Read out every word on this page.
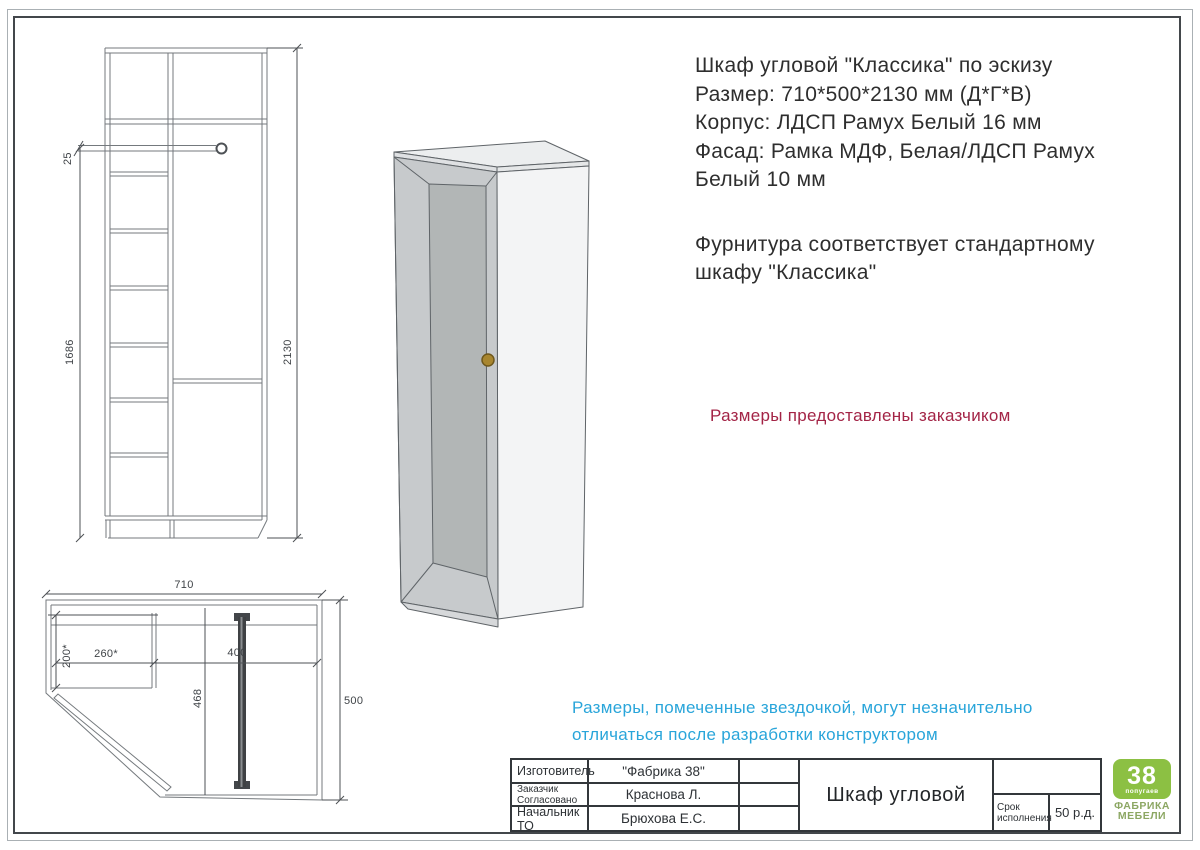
25
1686	2130
710
500
200* 260*	400
468
Шкаф угловой "Классика" по эскизу
Размер: 710*500*2130 мм (Д*Г*В)
Корпус: ЛДСП Рамух Белый 16 мм
Фасад: Рамка МДФ, Белая/ЛДСП Рамух
Белый 10 мм
Фурнитура соответствует стандартному
шкафу "Классика"
Размеры предоставлены заказчиком
Размеры, помеченные звездочкой, могут незначительно
отличаться после разработки конструктором
Изготовитель	"Фабрика 38"
Заказчик
Согласовано	Краснова Л.
Начальник ТО	Брюхова Е.С.
Шкаф угловой
Срок
исполнения 50 р.д.
38
попугаев
ФАБРИКА
МЕБЕЛИ
